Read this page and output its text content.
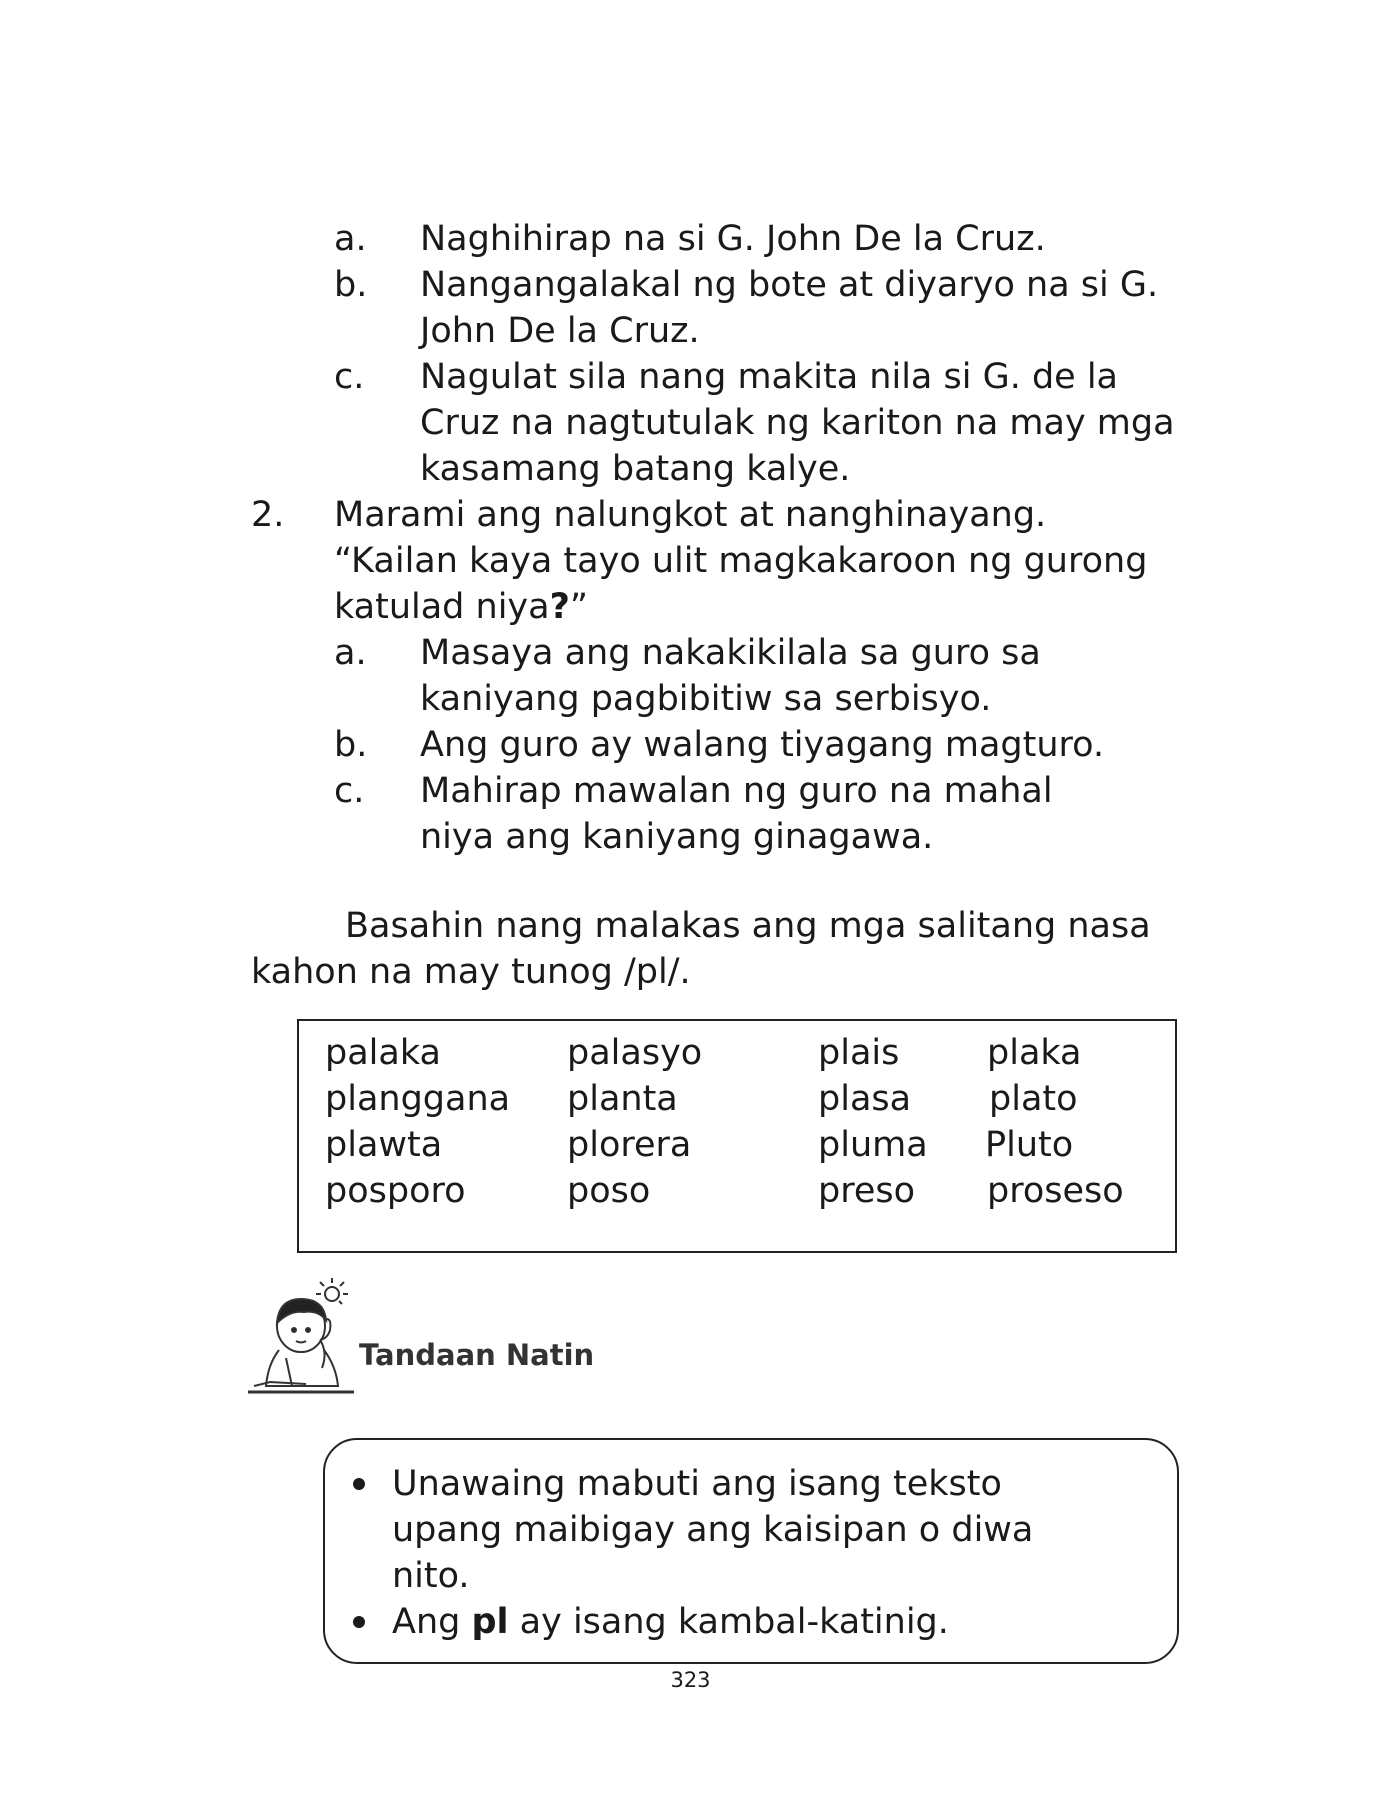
a. Naghihirap na si G. John De la Cruz.
b. Nangangalakal ng bote at diyaryo na si G.
John De la Cruz.
c. Nagulat sila nang makita nila si G. de la
Cruz na nagtutulak ng kariton na may mga
kasamang batang kalye.
2. Marami ang nalungkot at nanghinayang.
“Kailan kaya tayo ulit magkakaroon ng gurong
katulad niya?”
a. Masaya ang nakakikilala sa guro sa
kaniyang pagbibitiw sa serbisyo.
b. Ang guro ay walang tiyagang magturo.
c. Mahirap mawalan ng guro na mahal
niya ang kaniyang ginagawa.
Basahin nang malakas ang mga salitang nasa
kahon na may tunog /pl/.
palaka	palasyo	plais	plaka
planggana planta	plasa plato
plawta	plorera	pluma Pluto
posporo	poso	preso proseso
Tandaan Natin
Unawaing mabuti ang isang teksto
upang maibigay ang kaisipan o diwa
nito.
Ang pl ay isang kambal-katinig.
323
